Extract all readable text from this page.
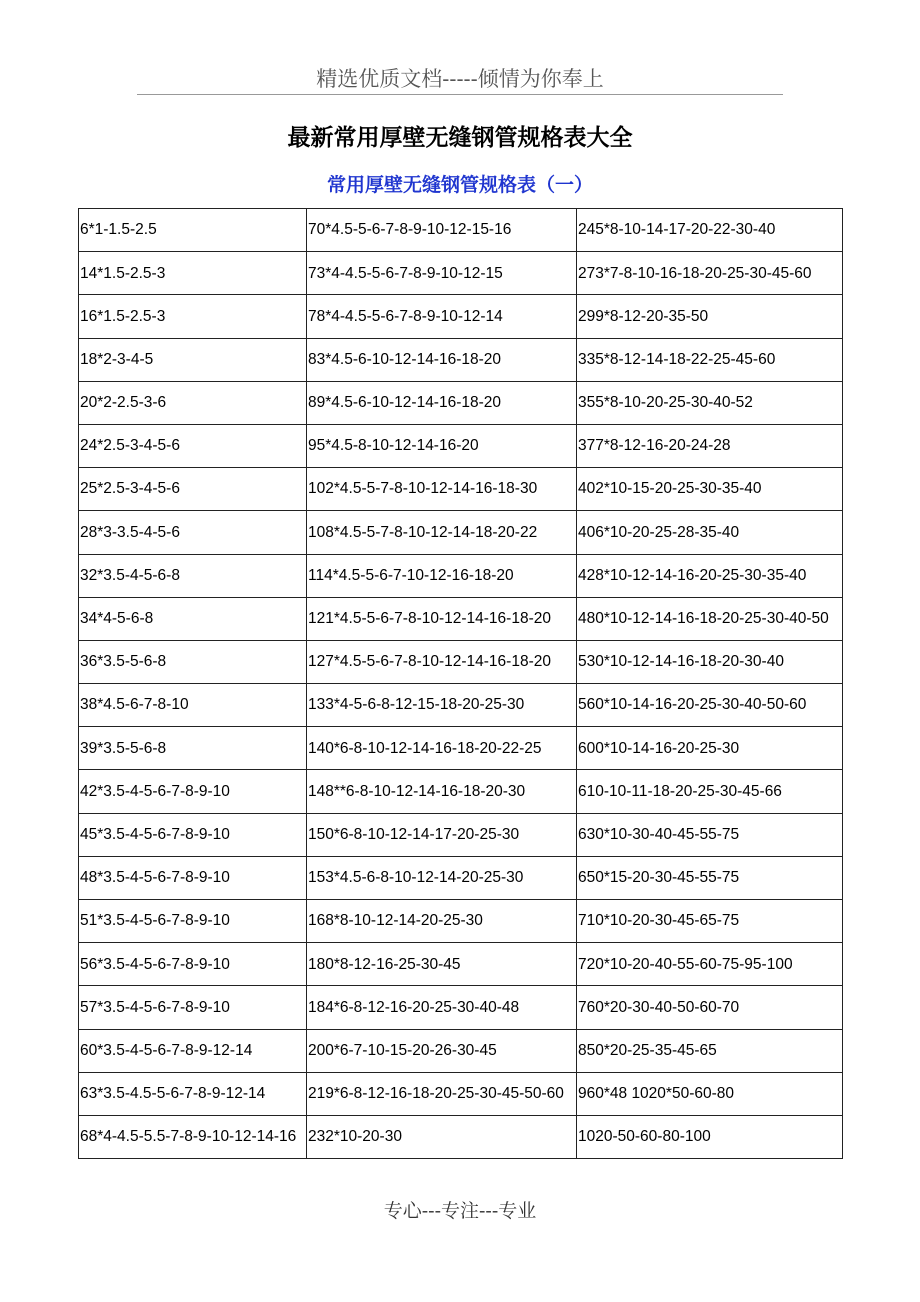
精选优质文档-----倾情为你奉上
最新常用厚壁无缝钢管规格表大全
常用厚壁无缝钢管规格表（一）
6*1-1.5-2.5	70*4.5-5-6-7-8-9-10-12-15-16	245*8-10-14-17-20-22-30-40
14*1.5-2.5-3	73*4-4.5-5-6-7-8-9-10-12-15	273*7-8-10-16-18-20-25-30-45-60
16*1.5-2.5-3	78*4-4.5-5-6-7-8-9-10-12-14	299*8-12-20-35-50
18*2-3-4-5	83*4.5-6-10-12-14-16-18-20	335*8-12-14-18-22-25-45-60
20*2-2.5-3-6	89*4.5-6-10-12-14-16-18-20	355*8-10-20-25-30-40-52
24*2.5-3-4-5-6	95*4.5-8-10-12-14-16-20	377*8-12-16-20-24-28
25*2.5-3-4-5-6	102*4.5-5-7-8-10-12-14-16-18-30	402*10-15-20-25-30-35-40
28*3-3.5-4-5-6	108*4.5-5-7-8-10-12-14-18-20-22	406*10-20-25-28-35-40
32*3.5-4-5-6-8	114*4.5-5-6-7-10-12-16-18-20	428*10-12-14-16-20-25-30-35-40
34*4-5-6-8	121*4.5-5-6-7-8-10-12-14-16-18-20	480*10-12-14-16-18-20-25-30-40-50
36*3.5-5-6-8	127*4.5-5-6-7-8-10-12-14-16-18-20	530*10-12-14-16-18-20-30-40
38*4.5-6-7-8-10	133*4-5-6-8-12-15-18-20-25-30	560*10-14-16-20-25-30-40-50-60
39*3.5-5-6-8	140*6-8-10-12-14-16-18-20-22-25	600*10-14-16-20-25-30
42*3.5-4-5-6-7-8-9-10	148**6-8-10-12-14-16-18-20-30	610-10-11-18-20-25-30-45-66
45*3.5-4-5-6-7-8-9-10	150*6-8-10-12-14-17-20-25-30	630*10-30-40-45-55-75
48*3.5-4-5-6-7-8-9-10	153*4.5-6-8-10-12-14-20-25-30	650*15-20-30-45-55-75
51*3.5-4-5-6-7-8-9-10	168*8-10-12-14-20-25-30	710*10-20-30-45-65-75
56*3.5-4-5-6-7-8-9-10	180*8-12-16-25-30-45	720*10-20-40-55-60-75-95-100
57*3.5-4-5-6-7-8-9-10	184*6-8-12-16-20-25-30-40-48	760*20-30-40-50-60-70
60*3.5-4-5-6-7-8-9-12-14	200*6-7-10-15-20-26-30-45	850*20-25-35-45-65
63*3.5-4.5-5-6-7-8-9-12-14	219*6-8-12-16-18-20-25-30-45-50-60	960*48 1020*50-60-80
68*4-4.5-5.5-7-8-9-10-12-14-16	232*10-20-30	1020-50-60-80-100
专心---专注---专业
